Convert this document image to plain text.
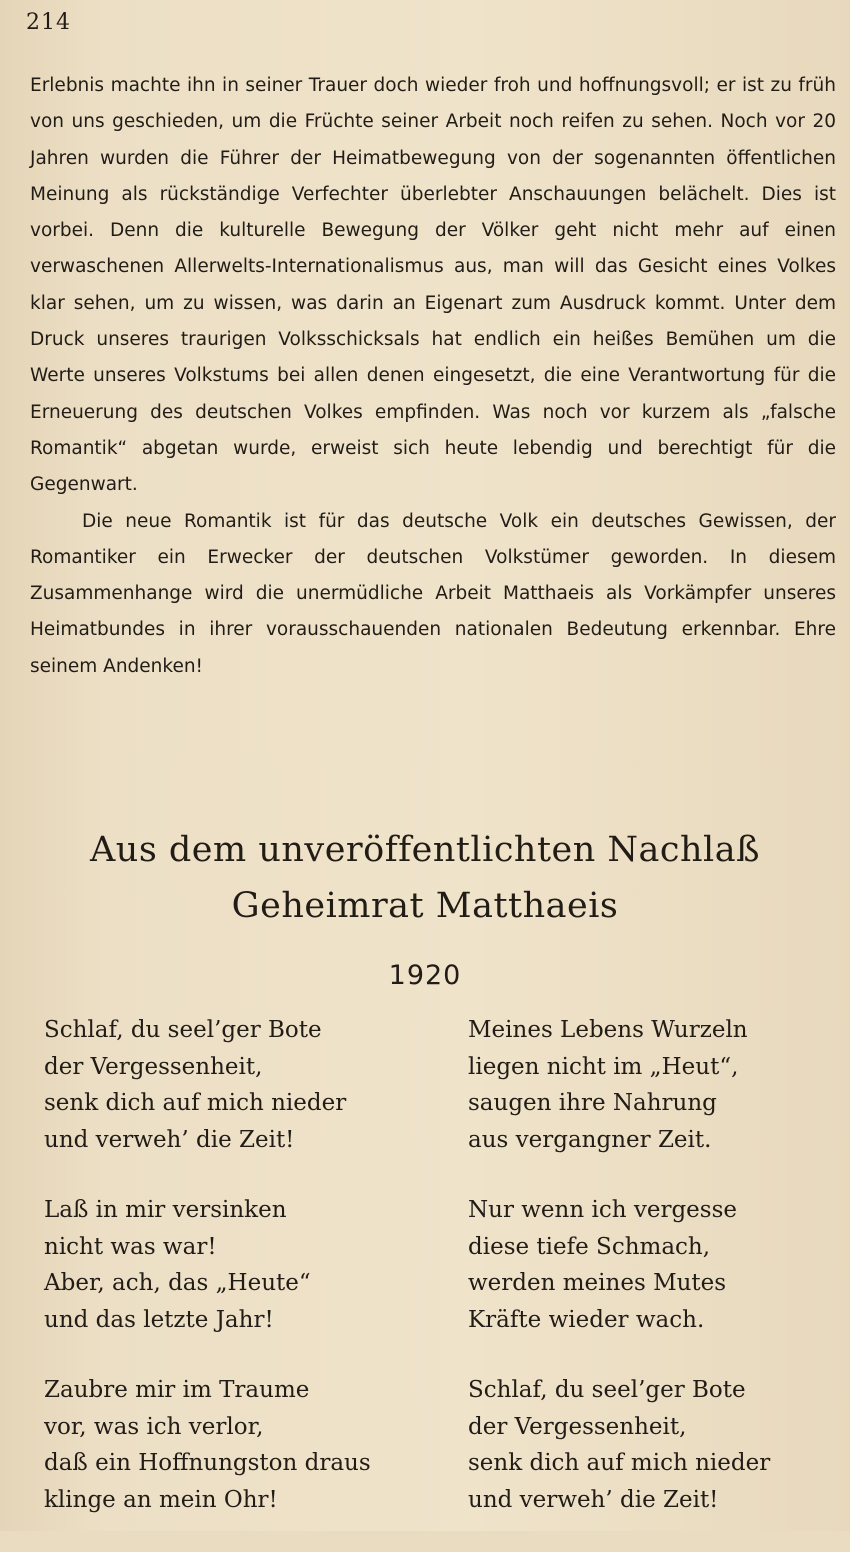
214

Erlebnis machte ihn in seiner Trauer doch wieder froh und hoffnungsvoll; er ist zu früh von uns geschieden, um die Früchte seiner Arbeit noch reifen zu sehen. Noch vor 20 Jahren wurden die Führer der Heimatbewegung von der sogenannten öffentlichen Meinung als rückständige Verfechter überlebter Anschauungen belächelt. Dies ist vorbei. Denn die kulturelle Bewegung der Völker geht nicht mehr auf einen verwaschenen Allerwelts-Internationalismus aus, man will das Gesicht eines Volkes klar sehen, um zu wissen, was darin an Eigenart zum Ausdruck kommt. Unter dem Druck unseres traurigen Volksschicksals hat endlich ein heißes Bemühen um die Werte unseres Volkstums bei allen denen eingesetzt, die eine Verantwortung für die Erneuerung des deutschen Volkes empfinden. Was noch vor kurzem als „falsche Romantik“ abgetan wurde, erweist sich heute lebendig und berechtigt für die Gegenwart.

Die neue Romantik ist für das deutsche Volk ein deutsches Gewissen, der Romantiker ein Erwecker der deutschen Volkstümer geworden. In diesem Zusammenhange wird die unermüdliche Arbeit Matthaeis als Vorkämpfer unseres Heimatbundes in ihrer vorausschauenden nationalen Bedeutung erkennbar. Ehre seinem Andenken!

Aus dem unveröffentlichten Nachlaß
Geheimrat Matthaeis
1920
Schlaf, du seel’ger Bote
der Vergessenheit,
senk dich auf mich nieder
und verweh’ die Zeit!
Laß in mir versinken
nicht was war!
Aber, ach, das „Heute“
und das letzte Jahr!
Zaubre mir im Traume
vor, was ich verlor,
daß ein Hoffnungston draus
klinge an mein Ohr!
Meines Lebens Wurzeln
liegen nicht im „Heut“,
saugen ihre Nahrung
aus vergangner Zeit.
Nur wenn ich vergesse
diese tiefe Schmach,
werden meines Mutes
Kräfte wieder wach.
Schlaf, du seel’ger Bote
der Vergessenheit,
senk dich auf mich nieder
und verweh’ die Zeit!
